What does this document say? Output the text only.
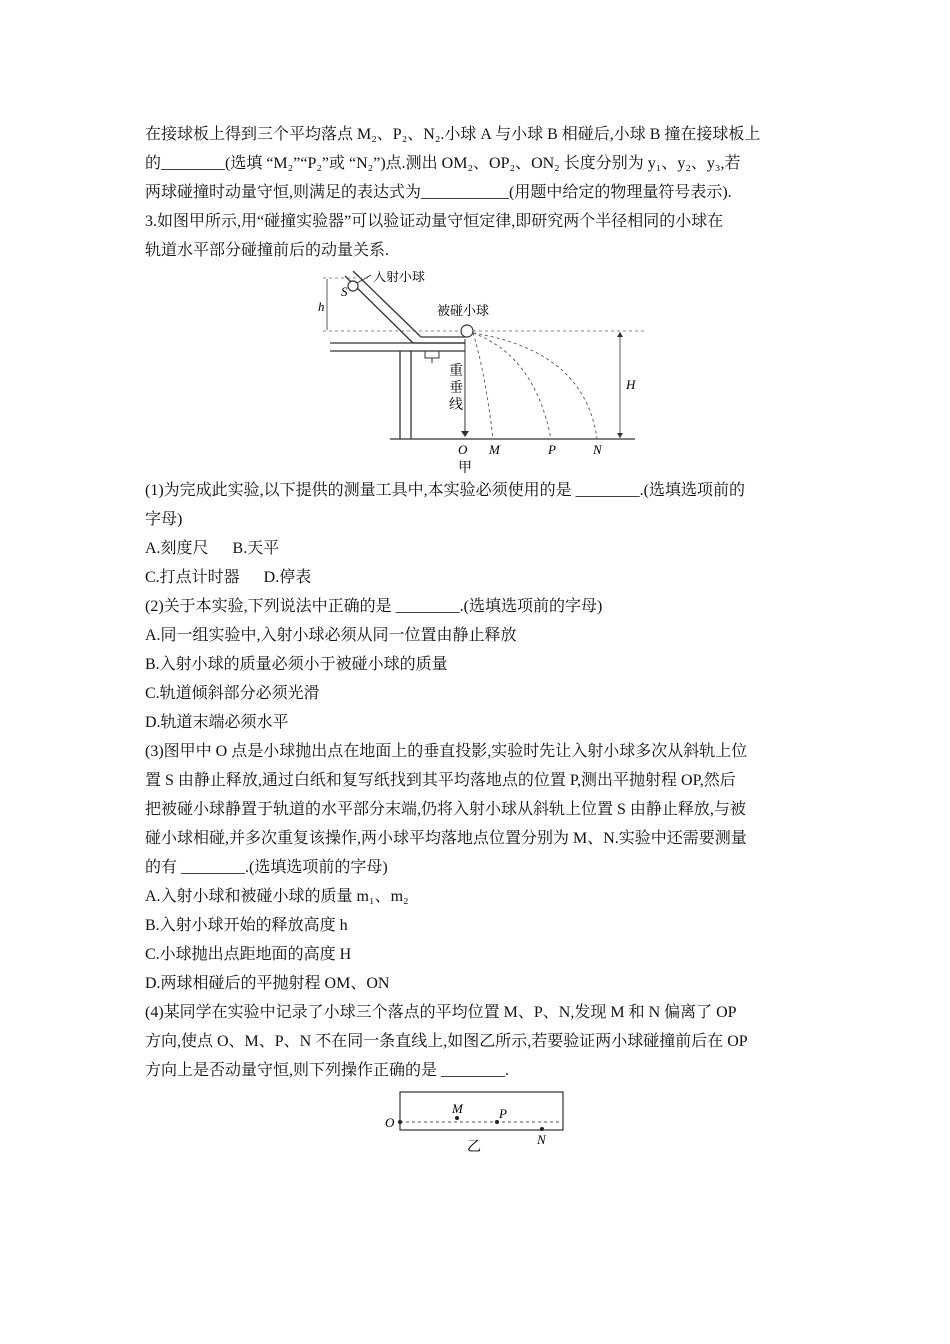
在接球板上得到三个平均落点 M₂、P₂、N₂.小球 A 与小球 B 相碰后,小球 B 撞在接球板上
的________(选填 “M₂”“P₂”或 “N₂”)点.测出 OM₂、OP₂、ON₂ 长度分别为 y₁、y₂、y₃,若
两球碰撞时动量守恒,则满足的表达式为___________(用题中给定的物理量符号表示).
3.如图甲所示,用“碰撞实验器”可以验证动量守恒定律,即研究两个半径相同的小球在
轨道水平部分碰撞前后的动量关系.
入射小球
S
h	被碰小球
重
垂
线
H
O M	P	N
甲
(1)为完成此实验,以下提供的测量工具中,本实验必须使用的是 ________.(选填选项前的
字母)
A.刻度尺      B.天平
C.打点计时器      D.停表
(2)关于本实验,下列说法中正确的是 ________.(选填选项前的字母)
A.同一组实验中,入射小球必须从同一位置由静止释放
B.入射小球的质量必须小于被碰小球的质量
C.轨道倾斜部分必须光滑
D.轨道末端必须水平
(3)图甲中 O 点是小球抛出点在地面上的垂直投影,实验时先让入射小球多次从斜轨上位
置 S 由静止释放,通过白纸和复写纸找到其平均落地点的位置 P,测出平抛射程 OP,然后
把被碰小球静置于轨道的水平部分末端,仍将入射小球从斜轨上位置 S 由静止释放,与被
碰小球相碰,并多次重复该操作,两小球平均落地点位置分别为 M、N.实验中还需要测量
的有 ________.(选填选项前的字母)
A.入射小球和被碰小球的质量 m₁、m₂
B.入射小球开始的释放高度 h
C.小球抛出点距地面的高度 H
D.两球相碰后的平抛射程 OM、ON
(4)某同学在实验中记录了小球三个落点的平均位置 M、P、N,发现 M 和 N 偏离了 OP
方向,使点 O、M、P、N 不在同一条直线上,如图乙所示,若要验证两小球碰撞前后在 OP
方向上是否动量守恒,则下列操作正确的是 ________.
O
M	P
N
乙
